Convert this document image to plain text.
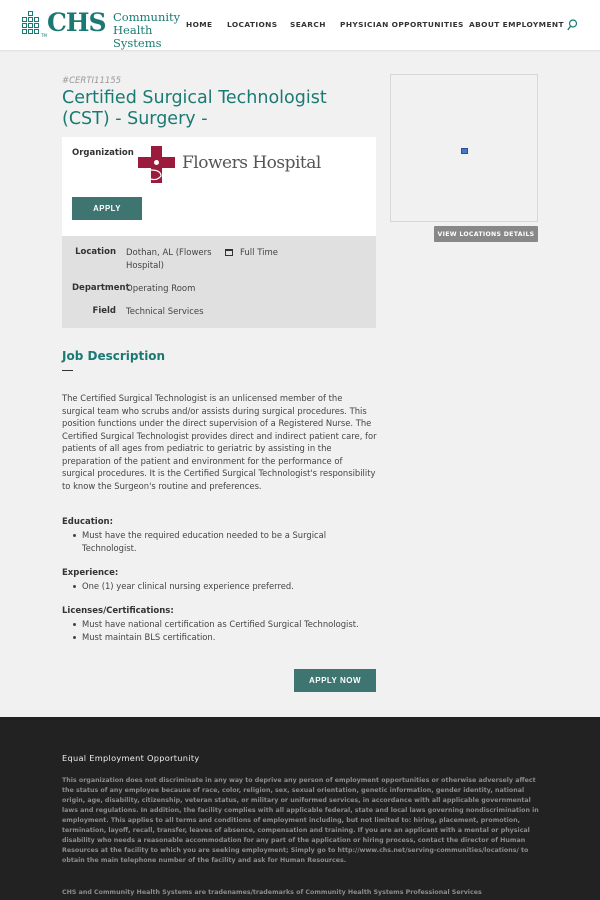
TM CHS Community
Health Systems
HOME LOCATIONS SEARCH PHYSICIAN OPPORTUNITIES ABOUT EMPLOYMENT
#CERTI11155
Certified Surgical Technologist (CST) - Surgery -
Organization	Flowers Hospital
APPLY
Location Dothan, AL (Flowers Hospital)
Full Time
Department
Operating Room
Field Technical Services
VIEW LOCATIONS DETAILS
Job Description

The Certified Surgical Technologist is an unlicensed member of the surgical team who scrubs and/or assists during surgical procedures. This position functions under the direct supervision of a Registered Nurse. The Certified Surgical Technologist provides direct and indirect patient care, for patients of all ages from pediatric to geriatric by assisting in the preparation of the patient and environment for the performance of surgical procedures. It is the Certified Surgical Technologist's responsibility to know the Surgeon's routine and preferences.

Education:
Must have the required education needed to be a Surgical Technologist.
Experience:
One (1) year clinical nursing experience preferred.
Licenses/Certifications:
Must have national certification as Certified Surgical Technologist.
Must maintain BLS certification.
APPLY NOW
Equal Employment Opportunity

This organization does not discriminate in any way to deprive any person of employment opportunities or otherwise adversely affect the status of any employee because of race, color, religion, sex, sexual orientation, genetic information, gender identity, national origin, age, disability, citizenship, veteran status, or military or uniformed services, in accordance with all applicable governmental laws and regulations. In addition, the facility complies with all applicable federal, state and local laws governing nondiscrimination in employment. This applies to all terms and conditions of employment including, but not limited to: hiring, placement, promotion, termination, layoff, recall, transfer, leaves of absence, compensation and training. If you are an applicant with a mental or physical disability who needs a reasonable accommodation for any part of the application or hiring process, contact the director of Human Resources at the facility to which you are seeking employment; Simply go to http://www.chs.net/serving-communities/locations/ to obtain the main telephone number of the facility and ask for Human Resources.

CHS and Community Health Systems are tradenames/trademarks of Community Health Systems Professional Services
